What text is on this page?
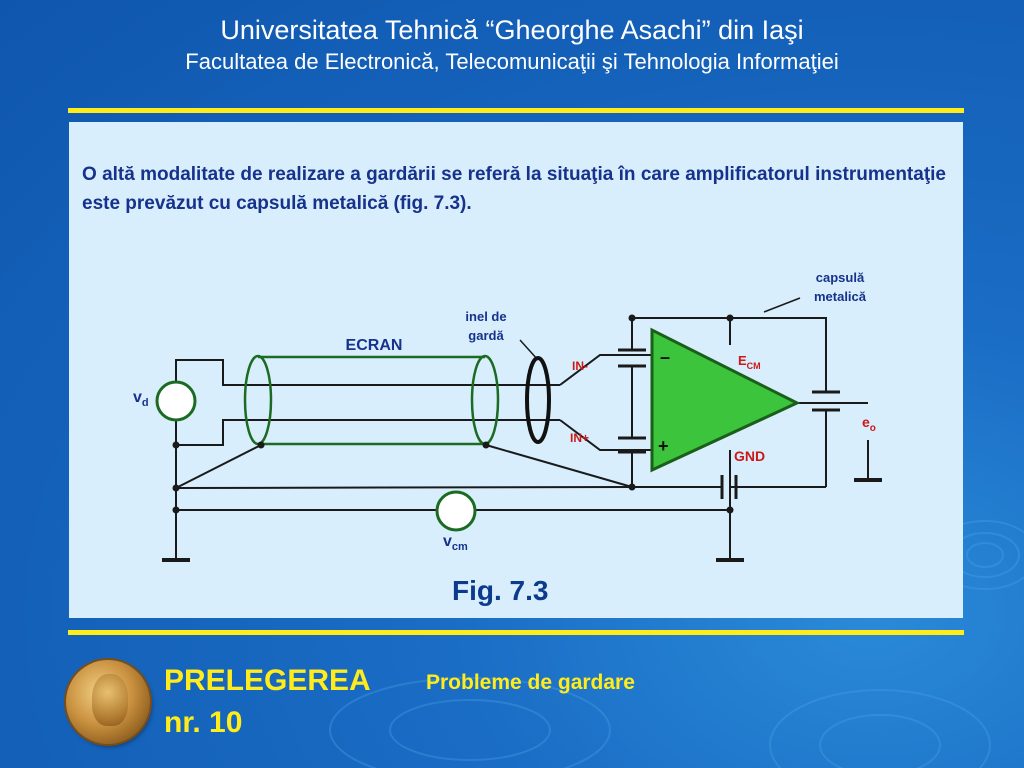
Universitatea Tehnică “Gheorghe Asachi” din Iaşi
Facultatea de Electronică, Telecomunicaţii şi Tehnologia Informaţiei
O altă modalitate de realizare a gardării se referă la situaţia în care amplificatorul instrumentaţie este prevăzut cu capsulă metalică (fig. 7.3).
capsulă
metalică
inel de
gardă
ECRAN
IN-
IN+
–
+
$E_{CM}$
GND
$v_d$
$v_{cm}$
$e_o$
Fig. 7.3
PRELEGEREA
nr. 10
Probleme de gardare
